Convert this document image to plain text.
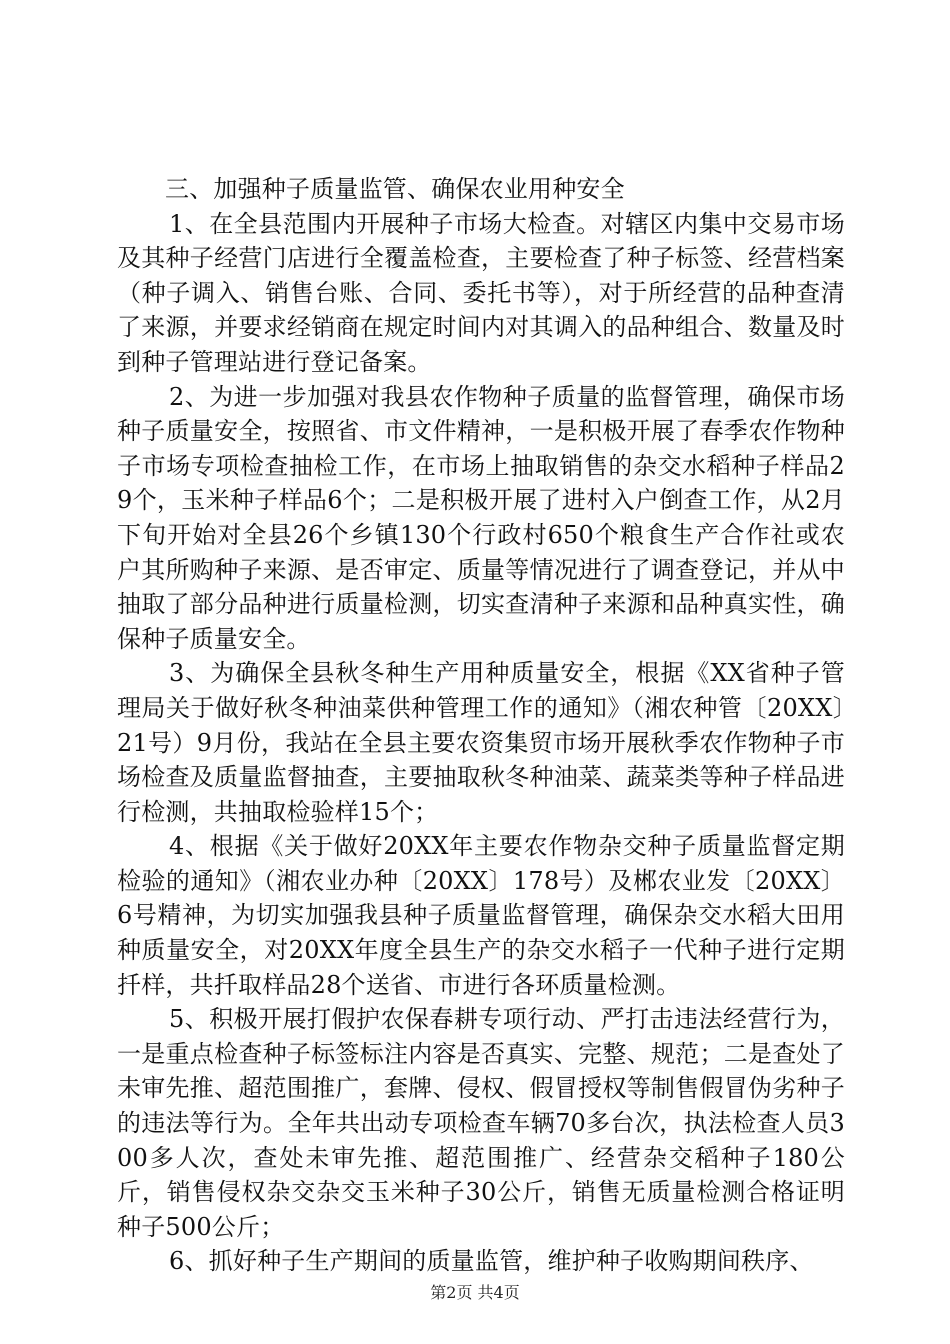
三、加强种子质量监管、确保农业用种安全

1、在全县范围内开展种子市场大检查。对辖区内集中交易市场及其种子经营门店进行全覆盖检查，主要检查了种子标签、经营档案（种子调入、销售台账、合同、委托书等），对于所经营的品种查清了来源，并要求经销商在规定时间内对其调入的品种组合、数量及时到种子管理站进行登记备案。

2、为进一步加强对我县农作物种子质量的监督管理，确保市场种子质量安全，按照省、市文件精神，一是积极开展了春季农作物种子市场专项检查抽检工作，在市场上抽取销售的杂交水稻种子样品29个，玉米种子样品6个；二是积极开展了进村入户倒查工作，从2月下旬开始对全县26个乡镇130个行政村650个粮食生产合作社或农户其所购种子来源、是否审定、质量等情况进行了调查登记，并从中抽取了部分品种进行质量检测，切实查清种子来源和品种真实性，确保种子质量安全。

3、为确保全县秋冬种生产用种质量安全，根据《XX省种子管理局关于做好秋冬种油菜供种管理工作的通知》（湘农种管〔20XX〕21号）9月份，我站在全县主要农资集贸市场开展秋季农作物种子市场检查及质量监督抽查，主要抽取秋冬种油菜、蔬菜类等种子样品进行检测，共抽取检验样15个；

4、根据《关于做好20XX年主要农作物杂交种子质量监督定期检验的通知》（湘农业办种〔20XX〕178号）及郴农业发〔20XX〕6号精神，为切实加强我县种子质量监督管理，确保杂交水稻大田用种质量安全，对20XX年度全县生产的杂交水稻子一代种子进行定期扦样，共扦取样品28个送省、市进行各环质量检测。

5、积极开展打假护农保春耕专项行动、严打击违法经营行为，一是重点检查种子标签标注内容是否真实、完整、规范；二是查处了未审先推、超范围推广，套牌、侵权、假冒授权等制售假冒伪劣种子的违法等行为。全年共出动专项检查车辆70多台次，执法检查人员300多人次，查处未审先推、超范围推广、经营杂交稻种子180公斤，销售侵权杂交杂交玉米种子30公斤，销售无质量检测合格证明种子500公斤；

6、抓好种子生产期间的质量监管，维护种子收购期间秩序、

第2页 共4页
